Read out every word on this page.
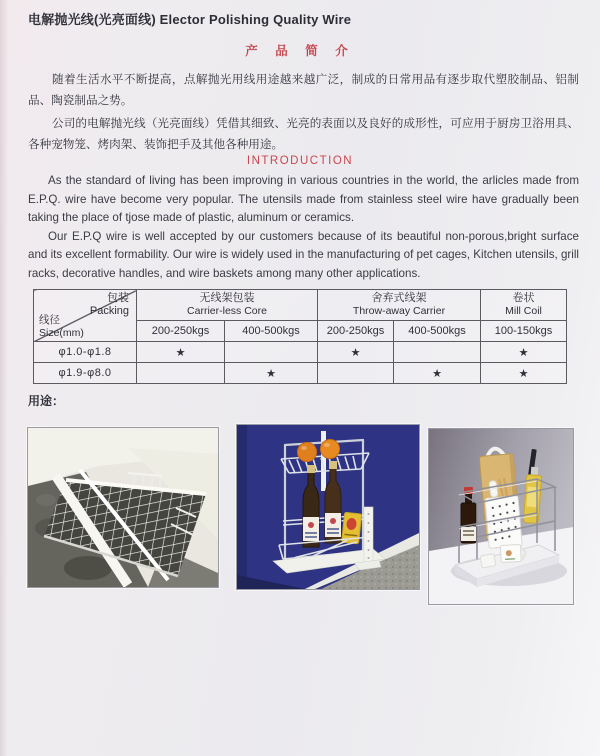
电解抛光线(光亮面线) Elector Polishing Quality Wire
产 品 简 介

随着生活水平不断提高，点解抛光用线用途越来越广泛，制成的日常用品有逐步取代塑胶制品、铝制品、陶瓷制品之势。

公司的电解抛光线（光亮面线）凭借其细致、光亮的表面以及良好的成形性，可应用于厨房卫浴用具、各种宠物笼、烤肉架、装饰把手及其他各种用途。

INTRODUCTION

As the standard of living has been improving in various countries in the world, the arlicles made from E.P.Q. wire have become very popular. The utensils made from stainless steel wire have gradually been taking the place of tjose made of plastic, aluminum or ceramics.

Our E.P.Q wire is well accepted by our customers because of its beautiful non-porous,bright surface and its excellent formability. Our wire is widely used in the manufacturing of pet cages, Kitchen utensils, grill racks, decorative handles, and wire baskets among many other applications.

包装
Packing
线径
Size(mm)

无线架包装
Carrier-less Core

舍弃式线架
Throw-away Carrier

卷状
Mill Coil

	200-250kgs	400-500kgs	200-250kgs	400-500kgs	100-150kgs
φ1.0-φ1.8	★		★		★
φ1.9-φ8.0		★		★	★
用途：
